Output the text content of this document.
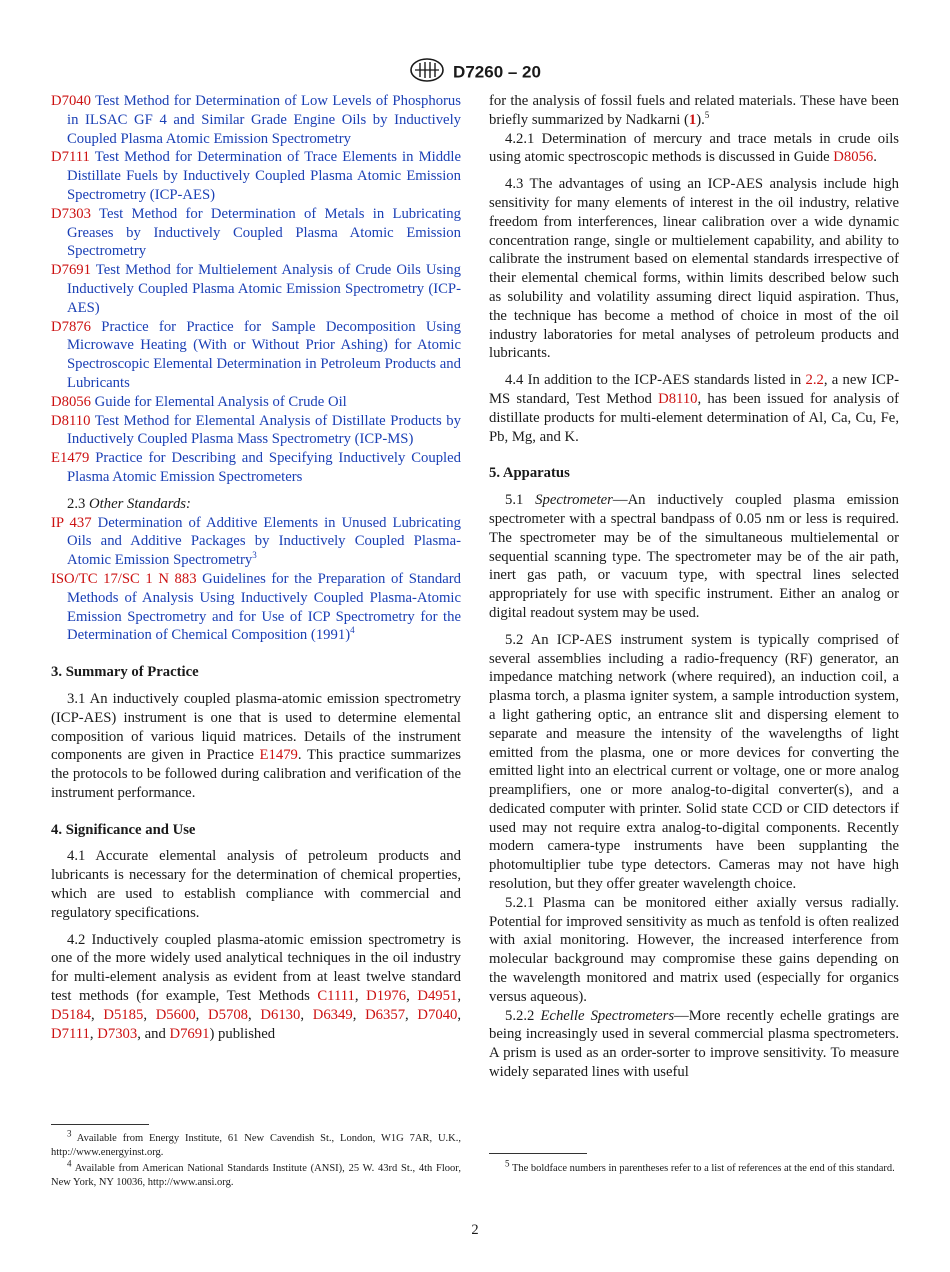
D7260 – 20

D7040 Test Method for Determination of Low Levels of Phosphorus in ILSAC GF 4 and Similar Grade Engine Oils by Inductively Coupled Plasma Atomic Emission Spectrometry

D7111 Test Method for Determination of Trace Elements in Middle Distillate Fuels by Inductively Coupled Plasma Atomic Emission Spectrometry (ICP-AES)

D7303 Test Method for Determination of Metals in Lubricating Greases by Inductively Coupled Plasma Atomic Emission Spectrometry

D7691 Test Method for Multielement Analysis of Crude Oils Using Inductively Coupled Plasma Atomic Emission Spectrometry (ICP-AES)

D7876 Practice for Practice for Sample Decomposition Using Microwave Heating (With or Without Prior Ashing) for Atomic Spectroscopic Elemental Determination in Petroleum Products and Lubricants

D8056 Guide for Elemental Analysis of Crude Oil

D8110 Test Method for Elemental Analysis of Distillate Products by Inductively Coupled Plasma Mass Spectrometry (ICP-MS)

E1479 Practice for Describing and Specifying Inductively Coupled Plasma Atomic Emission Spectrometers

2.3 Other Standards:

IP 437 Determination of Additive Elements in Unused Lubricating Oils and Additive Packages by Inductively Coupled Plasma-Atomic Emission Spectrometry$^3$

ISO/TC 17/SC 1 N 883 Guidelines for the Preparation of Standard Methods of Analysis Using Inductively Coupled Plasma-Atomic Emission Spectrometry and for Use of ICP Spectrometry for the Determination of Chemical Composition $(1991)^4$

3. Summary of Practice

3.1 An inductively coupled plasma-atomic emission spectrometry (ICP-AES) instrument is one that is used to determine elemental composition of various liquid matrices. Details of the instrument components are given in Practice E1479. This practice summarizes the protocols to be followed during calibration and verification of the instrument performance.

4. Significance and Use

4.1 Accurate elemental analysis of petroleum products and lubricants is necessary for the determination of chemical properties, which are used to establish compliance with commercial and regulatory specifications.

4.2 Inductively coupled plasma-atomic emission spectrometry is one of the more widely used analytical techniques in the oil industry for multi-element analysis as evident from at least twelve standard test methods (for example, Test Methods C1111, D1976, D4951, D5184, D5185, D5600, D5708, D6130, D6349, D6357, D7040, D7111, D7303, and D7691) published

$^3$ Available from Energy Institute, 61 New Cavendish St., London, W1G 7AR, U.K., http://www.energyinst.org.
$^4$ Available from American National Standards Institute (ANSI), 25 W. 43rd St., 4th Floor, New York, NY 10036, http://www.ansi.org.

for the analysis of fossil fuels and related materials. These have been briefly summarized by Nadkarni (1).$^5$

4.2.1 Determination of mercury and trace metals in crude oils using atomic spectroscopic methods is discussed in Guide D8056.

4.3 The advantages of using an ICP-AES analysis include high sensitivity for many elements of interest in the oil industry, relative freedom from interferences, linear calibration over a wide dynamic concentration range, single or multielement capability, and ability to calibrate the instrument based on elemental standards irrespective of their elemental chemical forms, within limits described below such as solubility and volatility assuming direct liquid aspiration. Thus, the technique has become a method of choice in most of the oil industry laboratories for metal analyses of petroleum products and lubricants.

4.4 In addition to the ICP-AES standards listed in 2.2, a new ICP-MS standard, Test Method D8110, has been issued for analysis of distillate products for multi-element determination of Al, Ca, Cu, Fe, Pb, Mg, and K.

5. Apparatus

5.1 Spectrometer—An inductively coupled plasma emission spectrometer with a spectral bandpass of 0.05 nm or less is required. The spectrometer may be of the simultaneous multielemental or sequential scanning type. The spectrometer may be of the air path, inert gas path, or vacuum type, with spectral lines selected appropriately for use with specific instrument. Either an analog or digital readout system may be used.

5.2 An ICP-AES instrument system is typically comprised of several assemblies including a radio-frequency (RF) generator, an impedance matching network (where required), an induction coil, a plasma torch, a plasma igniter system, a sample introduction system, a light gathering optic, an entrance slit and dispersing element to separate and measure the intensity of the wavelengths of light emitted from the plasma, one or more devices for converting the emitted light into an electrical current or voltage, one or more analog preamplifiers, one or more analog-to-digital converter(s), and a dedicated computer with printer. Solid state CCD or CID detectors if used may not require extra analog-to-digital components. Recently modern camera-type instruments have been supplanting the photomultiplier tube type detectors. Cameras may not have high resolution, but they offer greater wavelength choice.

5.2.1 Plasma can be monitored either axially versus radially. Potential for improved sensitivity as much as tenfold is often realized with axial monitoring. However, the increased interference from molecular background may compromise these gains depending on the wavelength monitored and matrix used (especially for organics versus aqueous).

5.2.2 Echelle Spectrometers—More recently echelle gratings are being increasingly used in several commercial plasma spectrometers. A prism is used as an order-sorter to improve sensitivity. To measure widely separated lines with useful

$^5$ The boldface numbers in parentheses refer to a list of references at the end of this standard.
2
